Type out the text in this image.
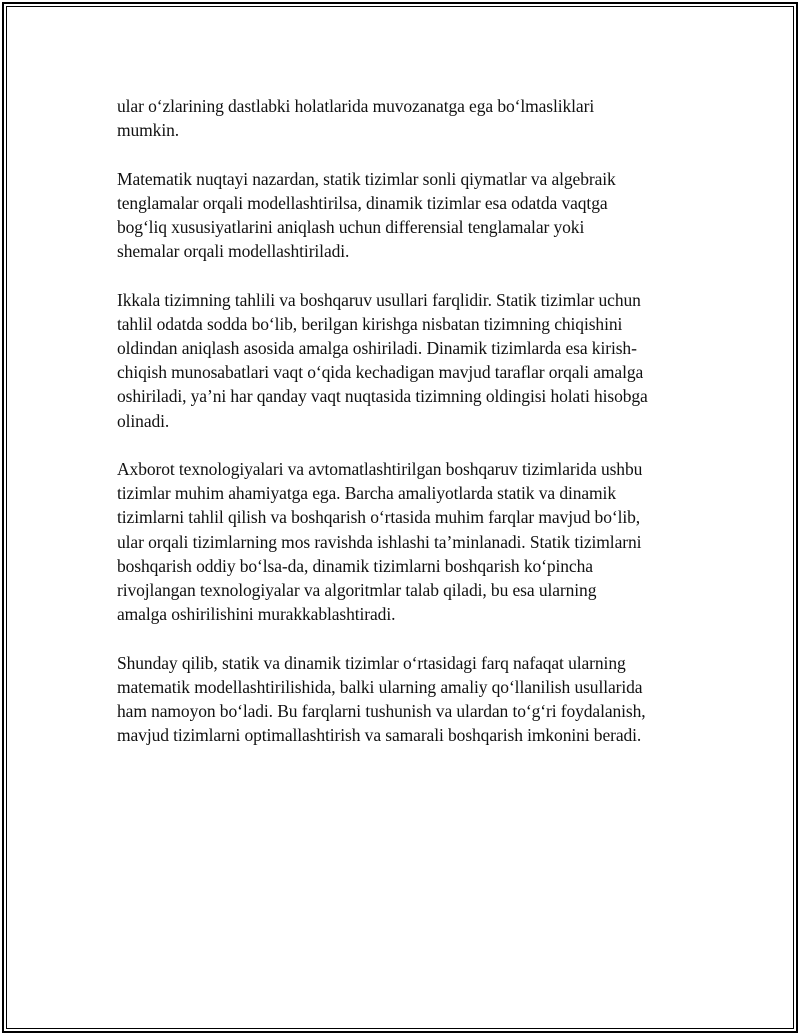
ular o‘zlarining dastlabki holatlarida muvozanatga ega bo‘lmasliklari
mumkin.

Matematik nuqtayi nazardan, statik tizimlar sonli qiymatlar va algebraik
tenglamalar orqali modellashtirilsa, dinamik tizimlar esa odatda vaqtga
bog‘liq xususiyatlarini aniqlash uchun differensial tenglamalar yoki
shemalar orqali modellashtiriladi.

Ikkala tizimning tahlili va boshqaruv usullari farqlidir. Statik tizimlar uchun
tahlil odatda sodda bo‘lib, berilgan kirishga nisbatan tizimning chiqishini
oldindan aniqlash asosida amalga oshiriladi. Dinamik tizimlarda esa kirish-
chiqish munosabatlari vaqt o‘qida kechadigan mavjud taraflar orqali amalga
oshiriladi, ya’ni har qanday vaqt nuqtasida tizimning oldingisi holati hisobga
olinadi.

Axborot texnologiyalari va avtomatlashtirilgan boshqaruv tizimlarida ushbu
tizimlar muhim ahamiyatga ega. Barcha amaliyotlarda statik va dinamik
tizimlarni tahlil qilish va boshqarish o‘rtasida muhim farqlar mavjud bo‘lib,
ular orqali tizimlarning mos ravishda ishlashi ta’minlanadi. Statik tizimlarni
boshqarish oddiy bo‘lsa-da, dinamik tizimlarni boshqarish ko‘pincha
rivojlangan texnologiyalar va algoritmlar talab qiladi, bu esa ularning
amalga oshirilishini murakkablashtiradi.

Shunday qilib, statik va dinamik tizimlar o‘rtasidagi farq nafaqat ularning
matematik modellashtirilishida, balki ularning amaliy qo‘llanilish usullarida
ham namoyon bo‘ladi. Bu farqlarni tushunish va ulardan to‘g‘ri foydalanish,
mavjud tizimlarni optimallashtirish va samarali boshqarish imkonini beradi.
